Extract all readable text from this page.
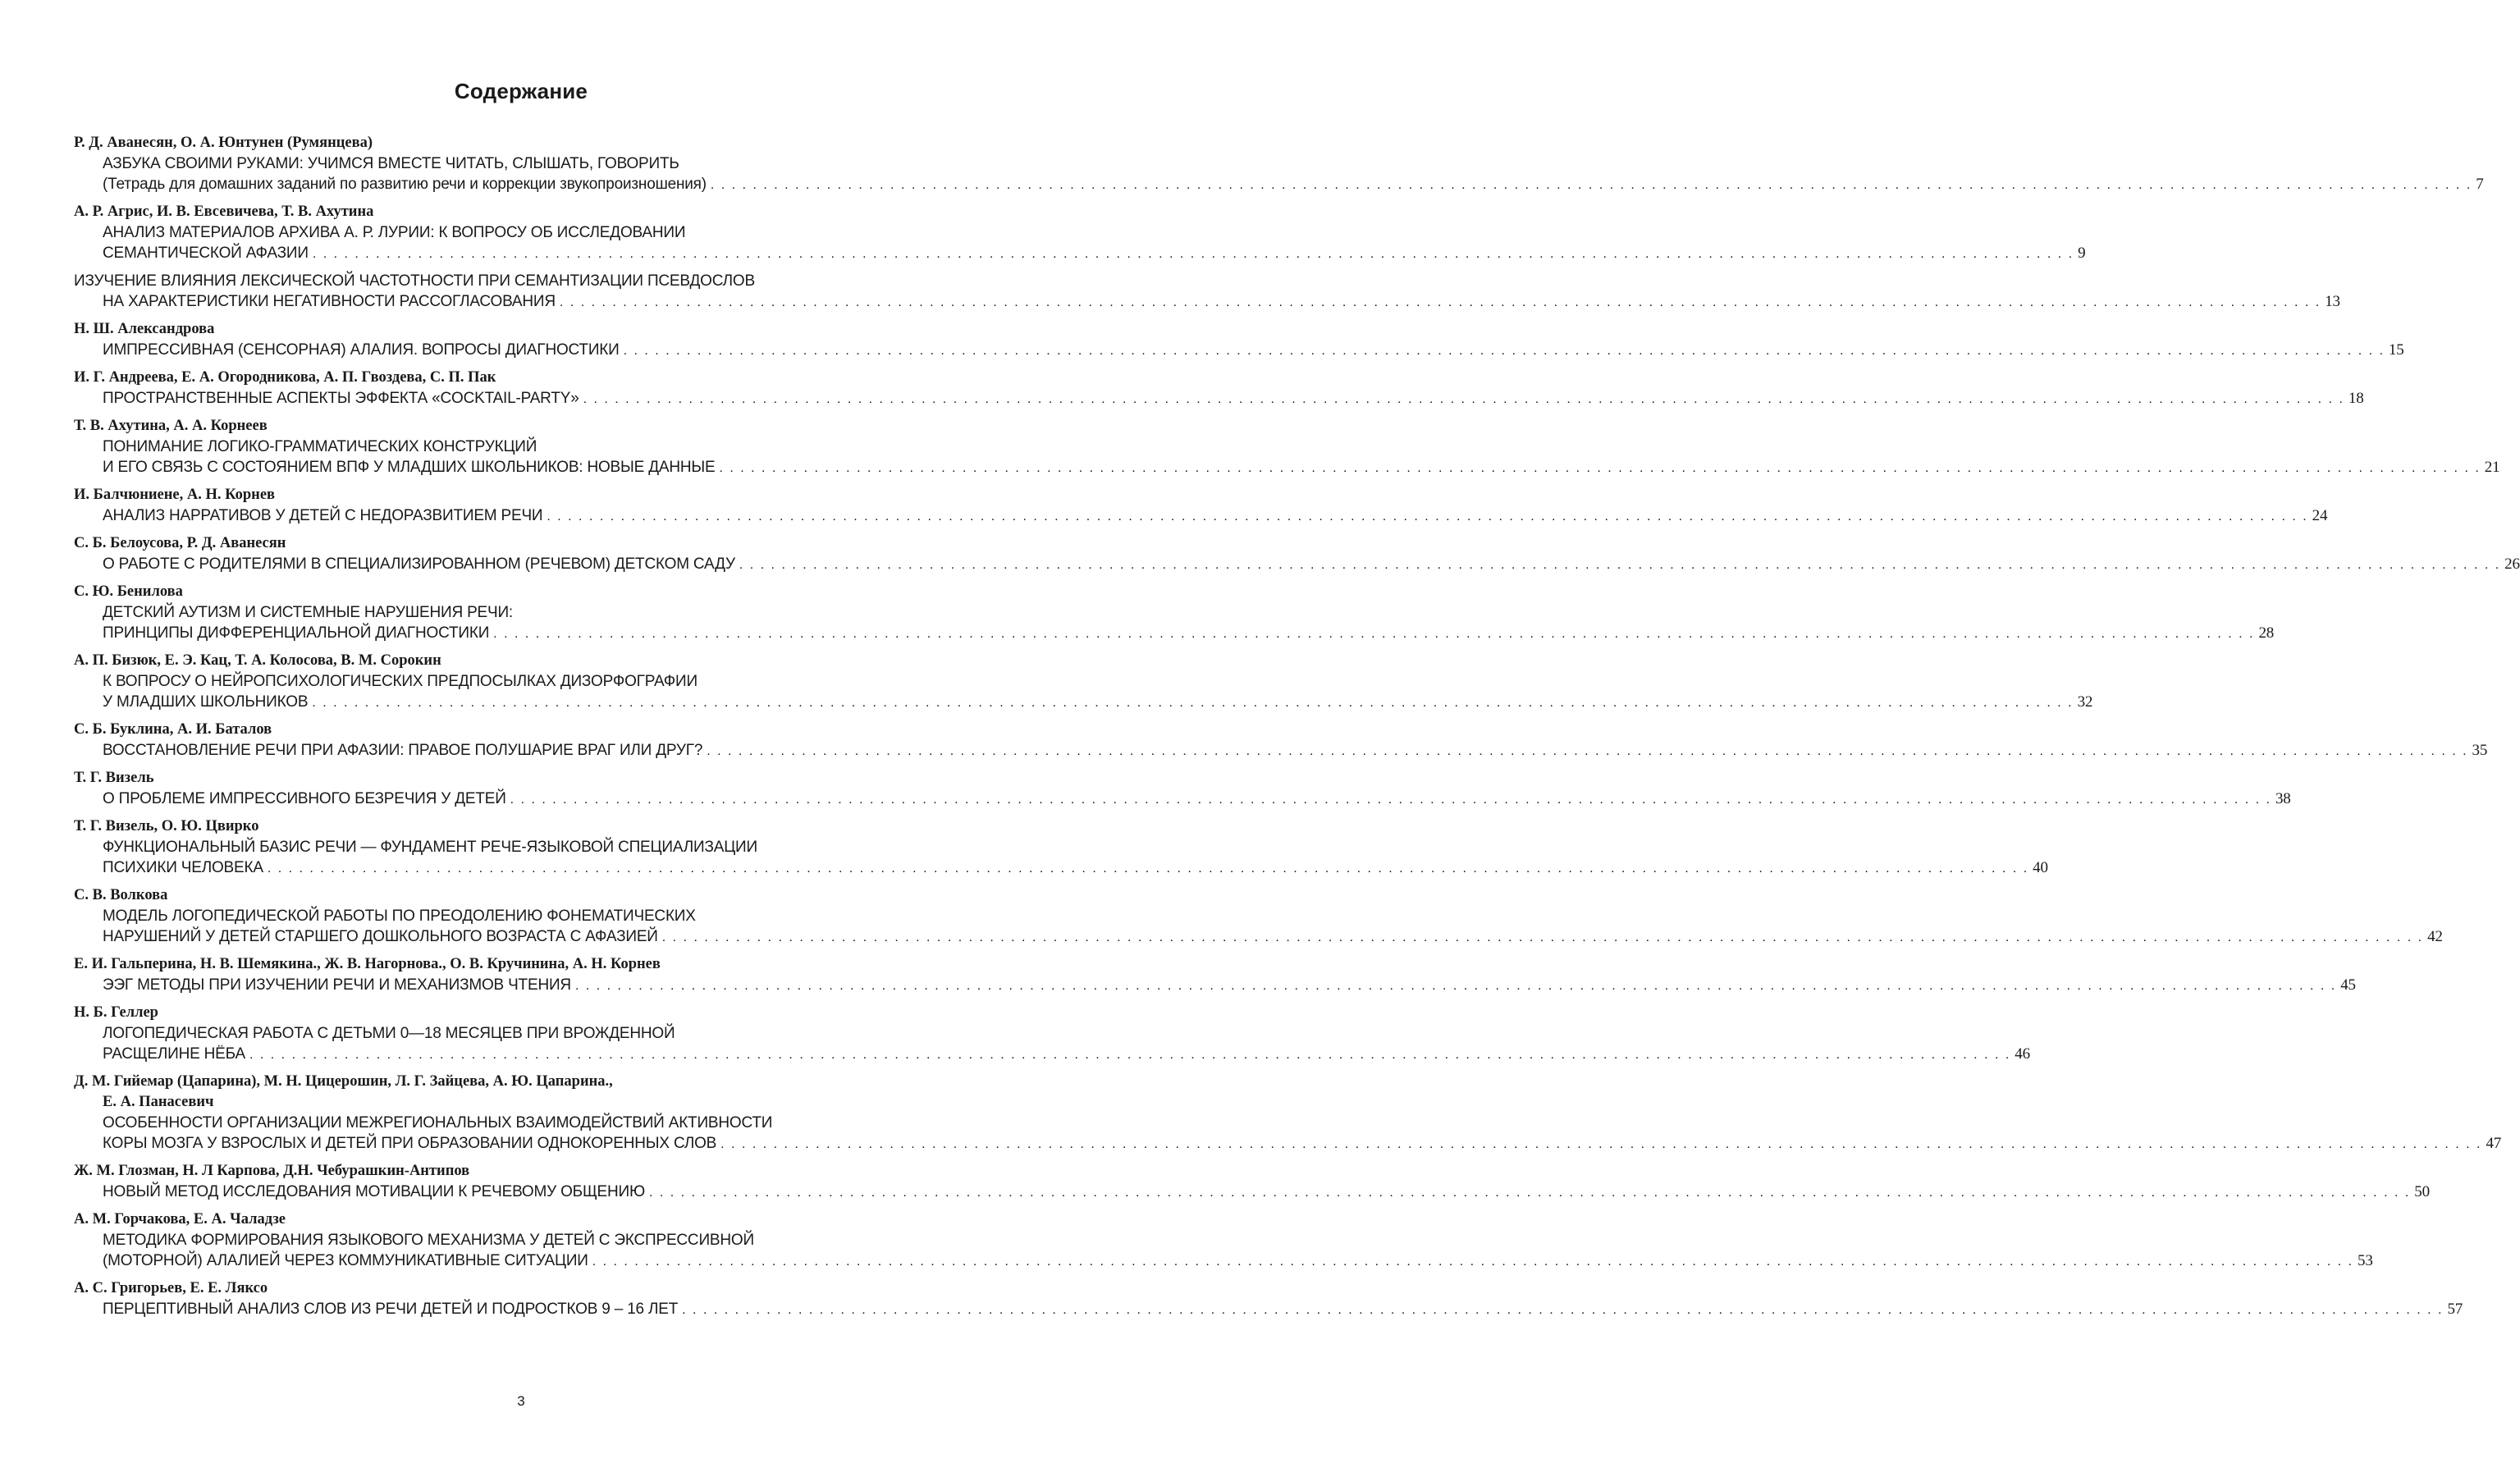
Содержание
Р. Д. Аванесян, О. А. Юнтунен (Румянцева)
АЗБУКА СВОИМИ РУКАМИ: УЧИМСЯ ВМЕСТЕ ЧИТАТЬ, СЛЫШАТЬ, ГОВОРИТЬ
(Тетрадь для домашних заданий по развитию речи и коррекции звукопроизношения) . . .	7
А. Р. Агрис, И. В. Евсевичева, Т. В. Ахутина
АНАЛИЗ МАТЕРИАЛОВ АРХИВА А. Р. ЛУРИИ: К ВОПРОСУ ОБ ИССЛЕДОВАНИИ
СЕМАНТИЧЕСКОЙ АФАЗИИ . . .	9
ИЗУЧЕНИЕ ВЛИЯНИЯ ЛЕКСИЧЕСКОЙ ЧАСТОТНОСТИ ПРИ СЕМАНТИЗАЦИИ ПСЕВДОСЛОВ
НА ХАРАКТЕРИСТИКИ НЕГАТИВНОСТИ РАССОГЛАСОВАНИЯ . . .	13
Н. Ш. Александрова
ИМПРЕССИВНАЯ (СЕНСОРНАЯ) АЛАЛИЯ. ВОПРОСЫ ДИАГНОСТИКИ . . .	15
И. Г. Андреева, Е. А. Огородникова, А. П. Гвоздева, С. П. Пак
ПРОСТРАНСТВЕННЫЕ АСПЕКТЫ ЭФФЕКТА «COCKTAIL-PARTY» . . .	18
Т. В. Ахутина, А. А. Корнеев
ПОНИМАНИЕ ЛОГИКО-ГРАММАТИЧЕСКИХ КОНСТРУКЦИЙ
И ЕГО СВЯЗЬ С СОСТОЯНИЕМ ВПФ У МЛАДШИХ ШКОЛЬНИКОВ: НОВЫЕ ДАННЫЕ . . .	21
И. Балчюниене, А. Н. Корнев
АНАЛИЗ НАРРАТИВОВ У ДЕТЕЙ С НЕДОРАЗВИТИЕМ РЕЧИ . . .	24
С. Б. Белоусова, Р. Д. Аванесян
О РАБОТЕ С РОДИТЕЛЯМИ В СПЕЦИАЛИЗИРОВАННОМ (РЕЧЕВОМ) ДЕТСКОМ САДУ . . .	26
С. Ю. Бенилова
ДЕТСКИЙ АУТИЗМ И СИСТЕМНЫЕ НАРУШЕНИЯ РЕЧИ:
ПРИНЦИПЫ ДИФФЕРЕНЦИАЛЬНОЙ ДИАГНОСТИКИ . . .	28
А. П. Бизюк, Е. Э. Кац, Т. А. Колосова, В. М. Сорокин
К ВОПРОСУ О НЕЙРОПСИХОЛОГИЧЕСКИХ ПРЕДПОСЫЛКАХ ДИЗОРФОГРАФИИ
У МЛАДШИХ ШКОЛЬНИКОВ . . .	32
С. Б. Буклина, А. И. Баталов
ВОССТАНОВЛЕНИЕ РЕЧИ ПРИ АФАЗИИ: ПРАВОЕ ПОЛУШАРИЕ ВРАГ ИЛИ ДРУГ? . . .	35
Т. Г. Визель
О ПРОБЛЕМЕ ИМПРЕССИВНОГО БЕЗРЕЧИЯ У ДЕТЕЙ . . .	38
Т. Г. Визель, О. Ю. Цвирко
ФУНКЦИОНАЛЬНЫЙ БАЗИС РЕЧИ — ФУНДАМЕНТ РЕЧЕ-ЯЗЫКОВОЙ СПЕЦИАЛИЗАЦИИ
ПСИХИКИ ЧЕЛОВЕКА . . .	40
С. В. Волкова
МОДЕЛЬ ЛОГОПЕДИЧЕСКОЙ РАБОТЫ ПО ПРЕОДОЛЕНИЮ ФОНЕМАТИЧЕСКИХ
НАРУШЕНИЙ У ДЕТЕЙ СТАРШЕГО ДОШКОЛЬНОГО ВОЗРАСТА С АФАЗИЕЙ . . .	42
Е. И. Гальперина, Н. В. Шемякина., Ж. В. Нагорнова., О. В. Кручинина, А. Н. Корнев
ЭЭГ МЕТОДЫ ПРИ ИЗУЧЕНИИ РЕЧИ И МЕХАНИЗМОВ ЧТЕНИЯ . . .	45
Н. Б. Геллер
ЛОГОПЕДИЧЕСКАЯ РАБОТА С ДЕТЬМИ 0—18 МЕСЯЦЕВ ПРИ ВРОЖДЕННОЙ
РАСЩЕЛИНЕ НЁБА . . .	46
Д. М. Гийемар (Цапарина), М. Н. Цицерошин, Л. Г. Зайцева, А. Ю. Цапарина.,
Е. А. Панасевич
ОСОБЕННОСТИ ОРГАНИЗАЦИИ МЕЖРЕГИОНАЛЬНЫХ ВЗАИМОДЕЙСТВИЙ АКТИВНОСТИ
КОРЫ МОЗГА У ВЗРОСЛЫХ И ДЕТЕЙ ПРИ ОБРАЗОВАНИИ ОДНОКОРЕННЫХ СЛОВ . . .	47
Ж. М. Глозман, Н. Л Карпова, Д.Н. Чебурашкин-Антипов
НОВЫЙ МЕТОД ИССЛЕДОВАНИЯ МОТИВАЦИИ К РЕЧЕВОМУ ОБЩЕНИЮ . . .	50
А. М. Горчакова, Е. А. Чаладзе
МЕТОДИКА ФОРМИРОВАНИЯ ЯЗЫКОВОГО МЕХАНИЗМА У ДЕТЕЙ С ЭКСПРЕССИВНОЙ
(МОТОРНОЙ) АЛАЛИЕЙ ЧЕРЕЗ КОММУНИКАТИВНЫЕ СИТУАЦИИ . . .	53
А. С. Григорьев, Е. Е. Ляксо
ПЕРЦЕПТИВНЫЙ АНАЛИЗ СЛОВ ИЗ РЕЧИ ДЕТЕЙ И ПОДРОСТКОВ 9 – 16 ЛЕТ . . .	57
3
